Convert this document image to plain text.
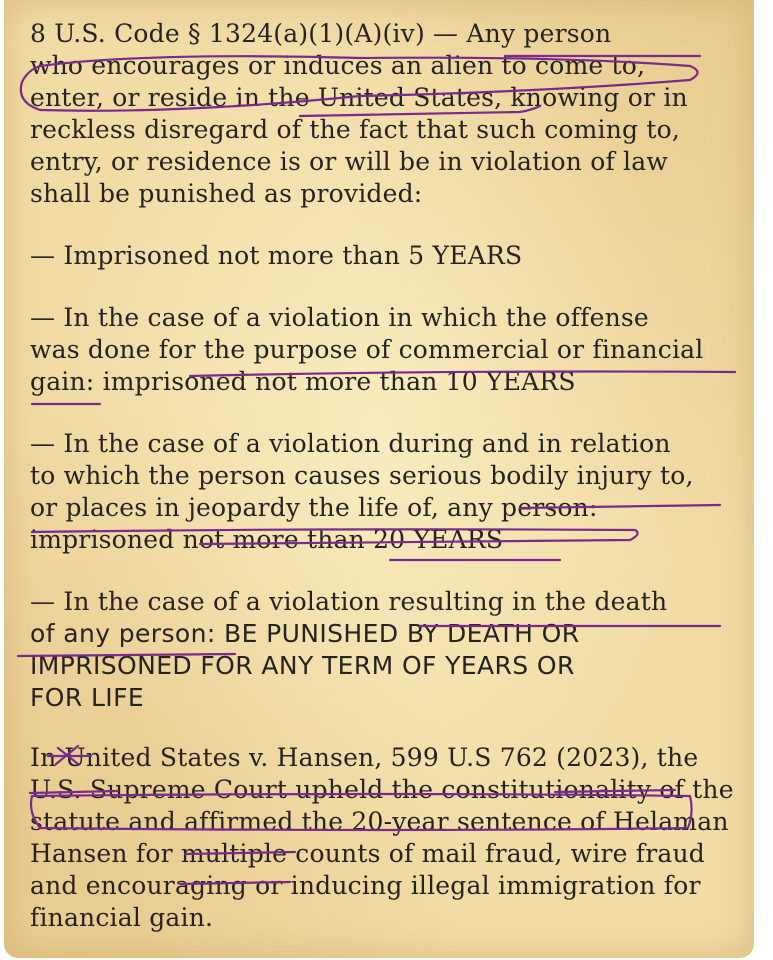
8 U.S. Code § 1324(a)(1)(A)(iv) — Any person
who encourages or induces an alien to come to,
enter, or reside in the United States, knowing or in
reckless disregard of the fact that such coming to,
entry, or residence is or will be in violation of law
shall be punished as provided:

— Imprisoned not more than 5 YEARS

— In the case of a violation in which the offense
was done for the purpose of commercial or financial
gain: imprisoned not more than 10 YEARS

— In the case of a violation during and in relation
to which the person causes serious bodily injury to,
or places in jeopardy the life of, any person:
imprisoned not more than 20 YEARS

— In the case of a violation resulting in the death
of any person: BE PUNISHED BY DEATH OR
IMPRISONED FOR ANY TERM OF YEARS OR
FOR LIFE

In United States v. Hansen, 599 U.S 762 (2023), the
U.S. Supreme Court upheld the constitutionality of the
statute and affirmed the 20-year sentence of Helaman
Hansen for multiple counts of mail fraud, wire fraud
and encouraging or inducing illegal immigration for
financial gain.
